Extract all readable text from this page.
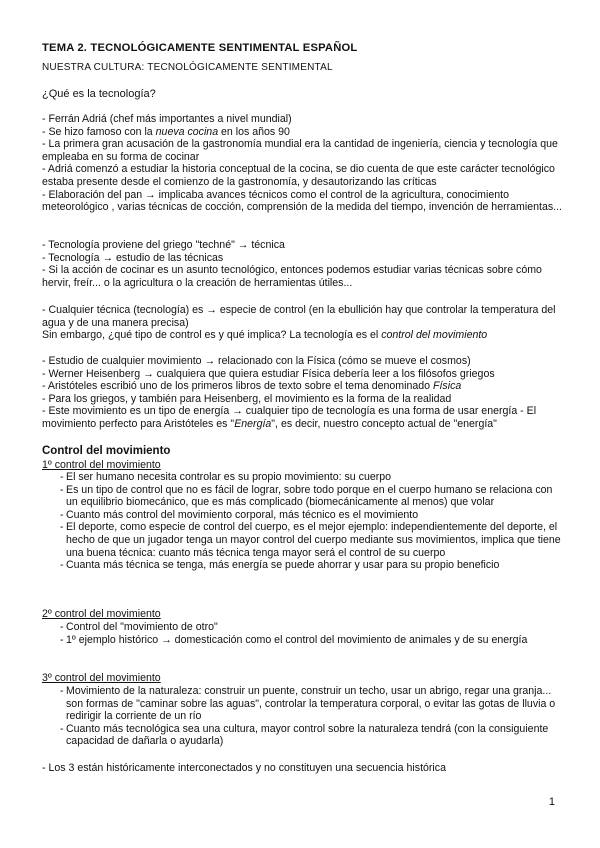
TEMA 2. TECNOLÓGICAMENTE SENTIMENTAL ESPAÑOL
NUESTRA CULTURA: TECNOLÓGICAMENTE SENTIMENTAL
¿Qué es la tecnología?

- Ferrán Adriá (chef más importantes a nivel mundial)

- Se hizo famoso con la nueva cocina en los años 90

- La primera gran acusación de la gastronomía mundial era la cantidad de ingeniería, ciencia y tecnología que empleaba en su forma de cocinar

- Adriá comenzó a estudiar la historia conceptual de la cocina, se dio cuenta de que este carácter tecnológico estaba presente desde el comienzo de la gastronomía, y desautorizando las críticas

- Elaboración del pan → implicaba avances técnicos como el control de la agricultura, conocimiento meteorológico , varias técnicas de cocción, comprensión de la medida del tiempo, invención de herramientas...

- Tecnología proviene del griego "techné" → técnica

- Tecnología → estudio de las técnicas

- Si la acción de cocinar es un asunto tecnológico, entonces podemos estudiar varias técnicas sobre cómo hervir, freír... o la agricultura o la creación de herramientas útiles...

- Cualquier técnica (tecnología) es → especie de control (en la ebullición hay que controlar la temperatura del agua y de una manera precisa)

Sin embargo, ¿qué tipo de control es y qué implica? La tecnología es el control del movimiento

- Estudio de cualquier movimiento → relacionado con la Física (cómo se mueve el cosmos)

- Werner Heisenberg → cualquiera que quiera estudiar Física debería leer a los filósofos griegos

- Aristóteles escribió uno de los primeros libros de texto sobre el tema denominado Física

- Para los griegos, y también para Heisenberg, el movimiento es la forma de la realidad

- Este movimiento es un tipo de energía → cualquier tipo de tecnología es una forma de usar energía - El movimiento perfecto para Aristóteles es "Energía", es decir, nuestro concepto actual de "energía"

Control del movimiento
1º control del movimiento
- El ser humano necesita controlar es su propio movimiento: su cuerpo
- Es un tipo de control que no es fácil de lograr, sobre todo porque en el cuerpo humano se relaciona con un equilibrio biomecánico, que es más complicado (biomecánicamente al menos) que volar
- Cuanto más control del movimiento corporal, más técnico es el movimiento
- El deporte, como especie de control del cuerpo, es el mejor ejemplo: independientemente del deporte, el hecho de que un jugador tenga un mayor control del cuerpo mediante sus movimientos, implica que tiene una buena técnica: cuanto más técnica tenga mayor será el control de su cuerpo
- Cuanta más técnica se tenga, más energía se puede ahorrar y usar para su propio beneficio
2º control del movimiento
- Control del "movimiento de otro"
- 1º ejemplo histórico → domesticación como el control del movimiento de animales y de su energía
3º control del movimiento
- Movimiento de la naturaleza: construir un puente, construir un techo, usar un abrigo, regar una granja... son formas de "caminar sobre las aguas", controlar la temperatura corporal, o evitar las gotas de lluvia o redirigir la corriente de un río
- Cuanto más tecnológica sea una cultura, mayor control sobre la naturaleza tendrá (con la consiguiente capacidad de dañarla o ayudarla)
- Los 3 están históricamente interconectados y no constituyen una secuencia histórica
1
